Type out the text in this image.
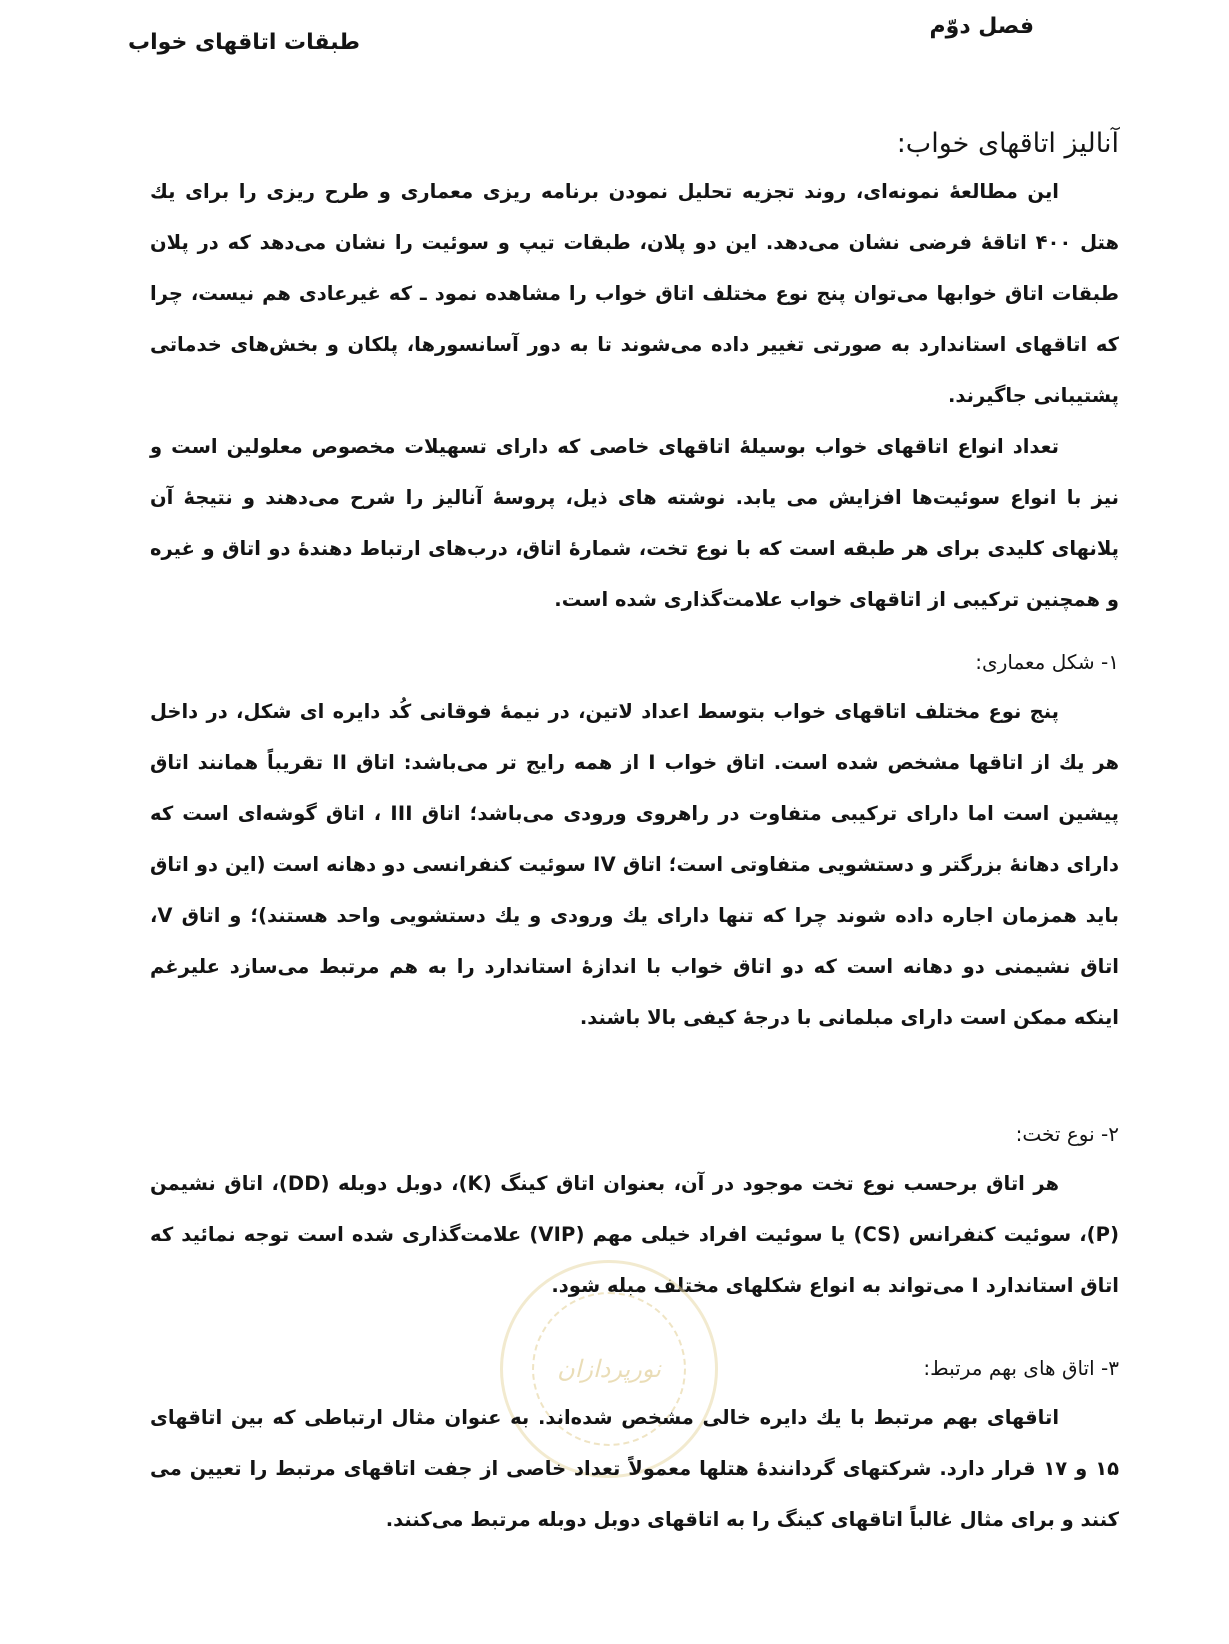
فصل دوّم
طبقات اتاقهای خواب
آنالیز اتاقهای خواب:

این مطالعهٔ نمونه‌ای، روند تجزیه تحلیل نمودن برنامه ریزی معماری و طرح ریزی را برای یك هتل ۴۰۰ اتاقهٔ فرضی نشان می‌دهد. این دو پلان، طبقات تیپ و سوئیت را نشان می‌دهد که در پلان طبقات اتاق خوابها می‌توان پنج نوع مختلف اتاق خواب را مشاهده نمود ـ که غیرعادی هم نیست، چرا که اتاقهای استاندارد به صورتی تغییر داده می‌شوند تا به دور آسانسورها، پلکان و بخش‌های خدماتی پشتیبانی جاگیرند.

تعداد انواع اتاقهای خواب بوسیلهٔ اتاقهای خاصی که دارای تسهیلات مخصوص معلولین است و نیز با انواع سوئیت‌ها افزایش می یابد. نوشته های ذیل، پروسهٔ آنالیز را شرح می‌دهند و نتیجهٔ آن پلانهای کلیدی برای هر طبقه است که با نوع تخت، شمارهٔ اتاق، درب‌های ارتباط دهندهٔ دو اتاق و غیره و همچنین ترکیبی از اتاقهای خواب علامت‌گذاری شده است.

۱- شکل معماری:

پنج نوع مختلف اتاقهای خواب بتوسط اعداد لاتین، در نیمهٔ فوقانی کُد دایره ای شکل، در داخل هر یك از اتاقها مشخص شده است. اتاق خواب I از همه رایج تر می‌باشد: اتاق II تقریباً همانند اتاق پیشین است اما دارای ترکیبی متفاوت در راهروی ورودی می‌باشد؛ اتاق III ، اتاق گوشه‌ای است که دارای دهانهٔ بزرگتر و دستشویی متفاوتی است؛ اتاق IV سوئیت کنفرانسی دو دهانه است (این دو اتاق باید همزمان اجاره داده شوند چرا که تنها دارای یك ورودی و یك دستشویی واحد هستند)؛ و اتاق V، اتاق نشیمنی دو دهانه است که دو اتاق خواب با اندازهٔ استاندارد را به هم مرتبط می‌سازد علیرغم اینکه ممکن است دارای مبلمانی با درجهٔ کیفی بالا باشند.

۲- نوع تخت:

هر اتاق برحسب نوع تخت موجود در آن، بعنوان اتاق کینگ (K)، دوبل دوبله (DD)، اتاق نشیمن (P)، سوئیت کنفرانس (CS) یا سوئیت افراد خیلی مهم (VIP) علامت‌گذاری شده است توجه نمائید که اتاق استاندارد I می‌تواند به انواع شکلهای مختلف مبله شود.

نورپردازان	۳- اتاق های بهم مرتبط:

اتاقهای بهم مرتبط با یك دایره خالی مشخص شده‌اند. به عنوان مثال ارتباطی که بین اتاقهای ۱۵ و ۱۷ قرار دارد. شرکتهای گردانندهٔ هتلها معمولاً تعداد خاصی از جفت اتاقهای مرتبط را تعیین می کنند و برای مثال غالباً اتاقهای کینگ را به اتاقهای دوبل دوبله مرتبط می‌کنند.
